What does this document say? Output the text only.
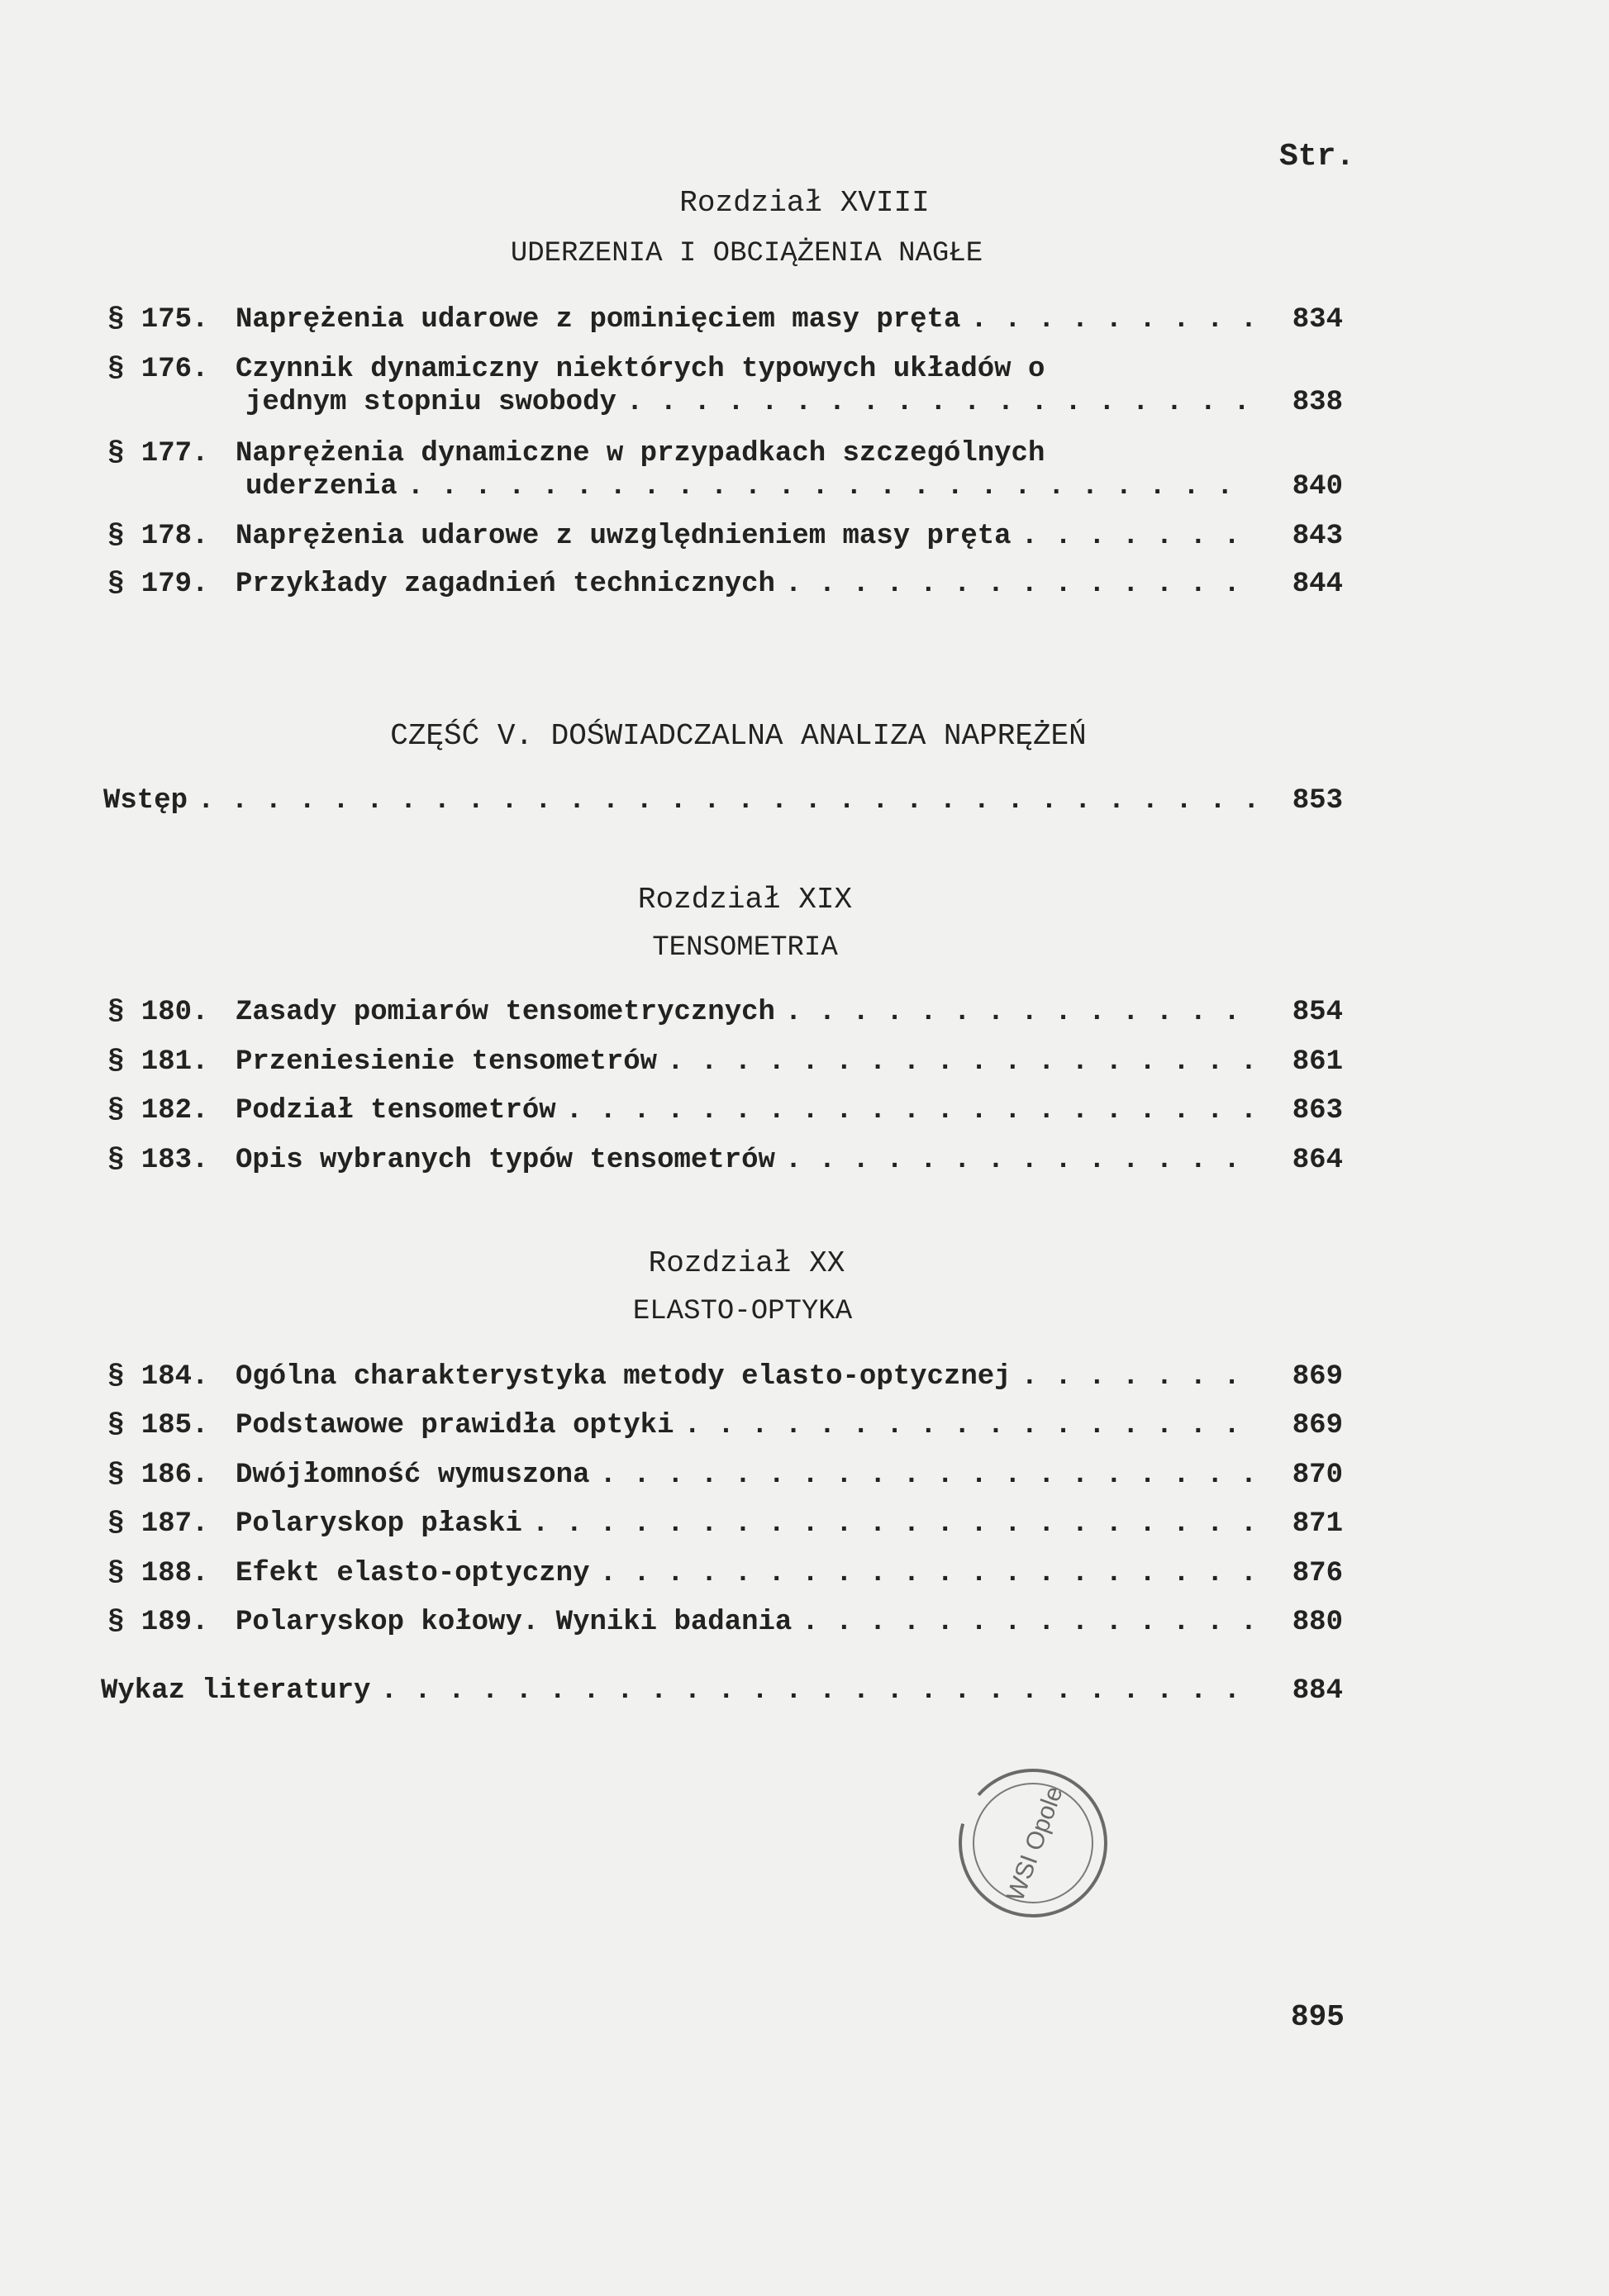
Str.
Rozdział XVIII
UDERZENIA I OBCIĄŻENIA NAGŁE
§ 175. Naprężenia udarowe z pominięciem masy pręta . . .	834
§ 176. Czynnik dynamiczny niektórych typowych układów o
jednym stopniu swobody . . .	838
§ 177. Naprężenia dynamiczne w przypadkach szczególnych
uderzenia . . .	840
§ 178. Naprężenia udarowe z uwzględnieniem masy pręta . . .	843
§ 179. Przykłady zagadnień technicznych . . .	844
CZĘŚĆ V. DOŚWIADCZALNA ANALIZA NAPRĘŻEŃ
Wstęp . . .	853
Rozdział XIX
TENSOMETRIA
§ 180. Zasady pomiarów tensometrycznych . . .	854
§ 181. Przeniesienie tensometrów . . .	861
§ 182. Podział tensometrów . . .	863
§ 183. Opis wybranych typów tensometrów . . .	864
Rozdział XX
ELASTO-OPTYKA
§ 184. Ogólna charakterystyka metody elasto-optycznej . . .	869
§ 185. Podstawowe prawidła optyki . . .	869
§ 186. Dwójłomność wymuszona . . .	870
§ 187. Polaryskop płaski . . .	871
§ 188. Efekt elasto-optyczny . . .	876
§ 189. Polaryskop kołowy. Wyniki badania . . .	880
Wykaz literatury . . .	884
WSI Opole
895
